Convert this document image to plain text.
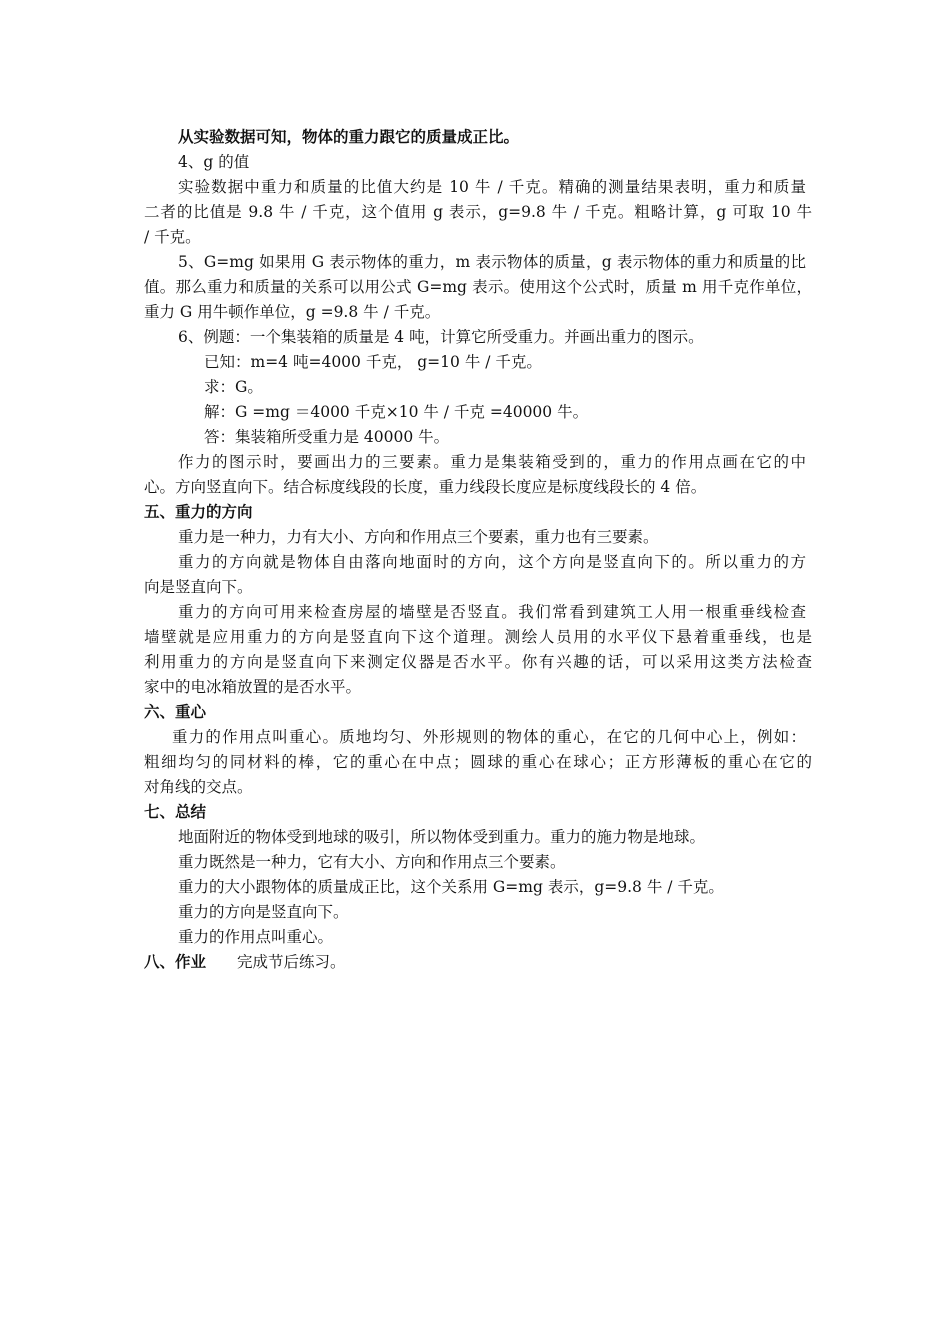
从实验数据可知，物体的重力跟它的质量成正比。
4、g 的值
实验数据中重力和质量的比值大约是 10 牛 / 千克。精确的测量结果表明，重力和质量
二者的比值是 9.8 牛 / 千克，这个值用 g 表示，g=9.8 牛 / 千克。粗略计算，g 可取 10 牛
/ 千克。
5、G=mg 如果用 G 表示物体的重力，m 表示物体的质量，g 表示物体的重力和质量的比
值。那么重力和质量的关系可以用公式 G=mg 表示。使用这个公式时，质量 m 用千克作单位，
重力 G 用牛顿作单位，g =9.8 牛 / 千克。
6、例题：一个集装箱的质量是 4 吨，计算它所受重力。并画出重力的图示。
已知：m=4 吨=4000 千克， g=10 牛 / 千克。
求：G。
解：G =mg ＝4000 千克×10 牛 / 千克 =40000 牛。
答：集装箱所受重力是 40000 牛。
作力的图示时，要画出力的三要素。重力是集装箱受到的，重力的作用点画在它的中
心。方向竖直向下。结合标度线段的长度，重力线段长度应是标度线段长的 4 倍。
五、重力的方向
重力是一种力，力有大小、方向和作用点三个要素，重力也有三要素。
重力的方向就是物体自由落向地面时的方向，这个方向是竖直向下的。所以重力的方
向是竖直向下。
重力的方向可用来检查房屋的墙壁是否竖直。我们常看到建筑工人用一根重垂线检查
墙壁就是应用重力的方向是竖直向下这个道理。测绘人员用的水平仪下悬着重垂线，也是
利用重力的方向是竖直向下来测定仪器是否水平。你有兴趣的话，可以采用这类方法检查
家中的电冰箱放置的是否水平。
六、重心
重力的作用点叫重心。质地均匀、外形规则的物体的重心，在它的几何中心上，例如：
粗细均匀的同材料的棒，它的重心在中点；圆球的重心在球心；正方形薄板的重心在它的
对角线的交点。
七、总结
地面附近的物体受到地球的吸引，所以物体受到重力。重力的施力物是地球。
重力既然是一种力，它有大小、方向和作用点三个要素。
重力的大小跟物体的质量成正比，这个关系用 G=mg 表示，g=9.8 牛 / 千克。
重力的方向是竖直向下。
重力的作用点叫重心。
八、作业 完成节后练习。
